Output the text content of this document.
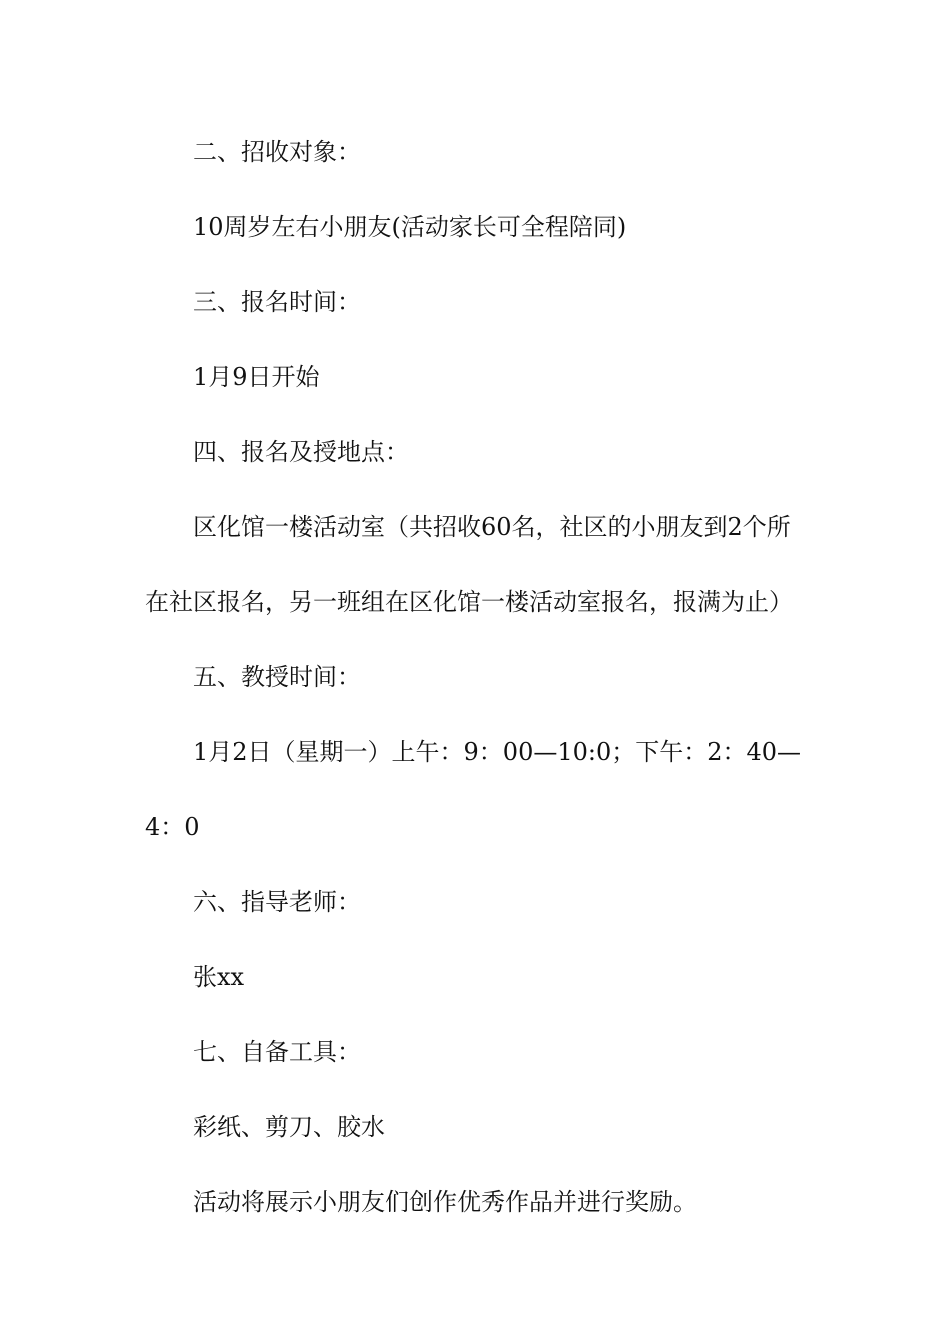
二、招收对象：
10周岁左右小朋友(活动家长可全程陪同)
三、报名时间：
1月9日开始
四、报名及授地点：
区化馆一楼活动室（共招收60名，社区的小朋友到2个所
在社区报名，另一班组在区化馆一楼活动室报名，报满为止）
五、教授时间：
1月2日（星期一）上午：9：00—10:0；下午：2：40—
4：0
六、指导老师：
张xx
七、自备工具：
彩纸、剪刀、胶水
活动将展示小朋友们创作优秀作品并进行奖励。
